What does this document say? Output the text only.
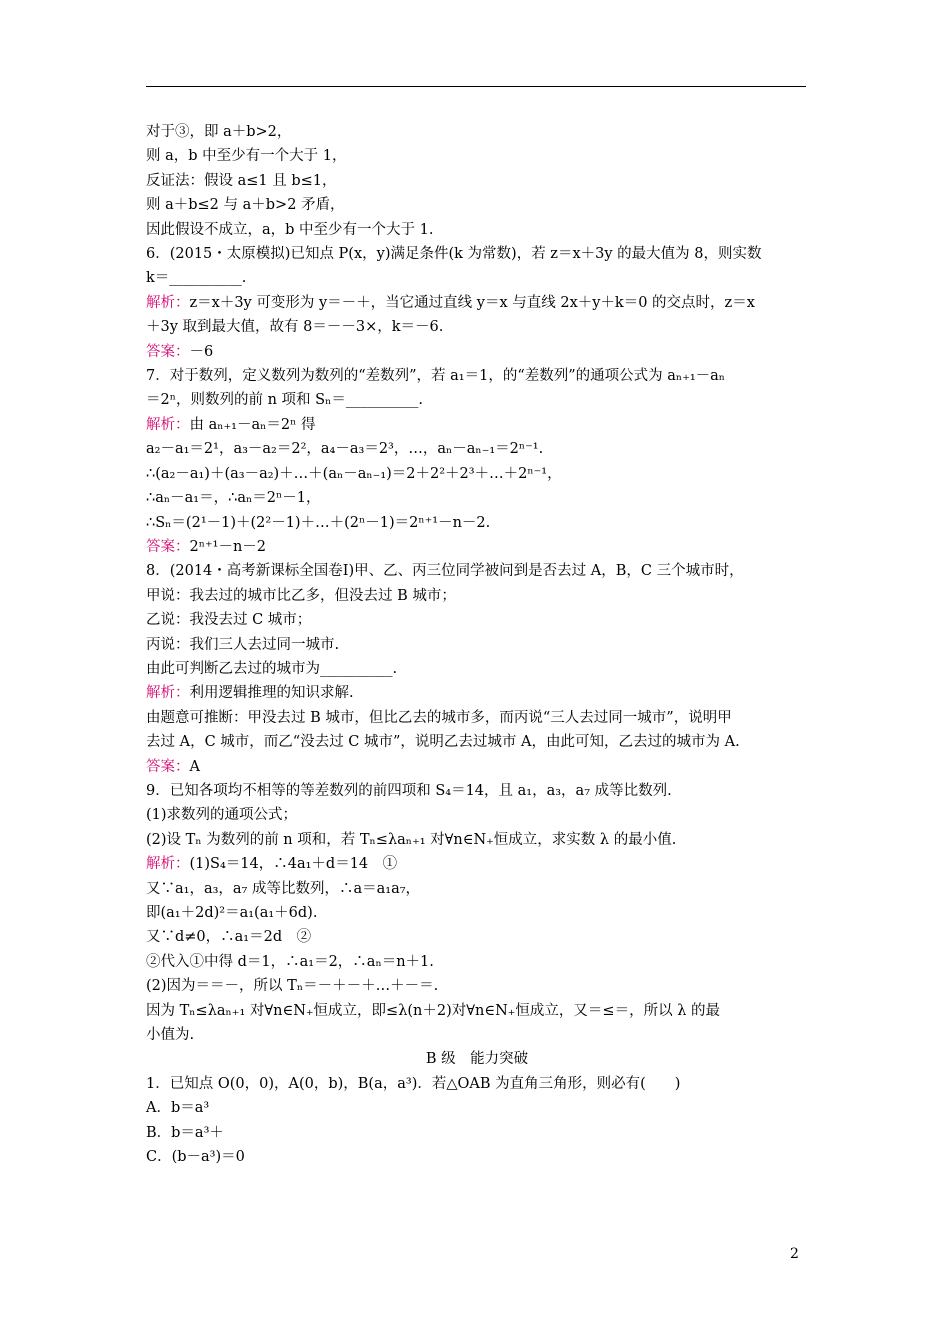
对于③，即 a＋b>2，
则 a，b 中至少有一个大于 1，
反证法：假设 a≤1 且 b≤1，
则 a＋b≤2 与 a＋b>2 矛盾，
因此假设不成立，a，b 中至少有一个大于 1.
6．(2015・太原模拟)已知点 P(x，y)满足条件(k 为常数)，若 z＝x＋3y 的最大值为 8，则实数
k＝__________.
解析：z＝x＋3y 可变形为 y＝－＋，当它通过直线 y＝x 与直线 2x＋y＋k＝0 的交点时，z＝x
＋3y 取到最大值，故有 8＝－－3×，k＝－6.
答案：－6
7．对于数列，定义数列为数列的“差数列”，若 a₁＝1，的“差数列”的通项公式为 aₙ₊₁－aₙ
＝2ⁿ，则数列的前 n 项和 Sₙ＝__________.
解析：由 aₙ₊₁－aₙ＝2ⁿ 得
a₂－a₁＝2¹，a₃－a₂＝2²，a₄－a₃＝2³，…，aₙ－aₙ₋₁＝2ⁿ⁻¹.
∴(a₂－a₁)＋(a₃－a₂)＋…＋(aₙ－aₙ₋₁)＝2＋2²＋2³＋…＋2ⁿ⁻¹，
∴aₙ－a₁＝，∴aₙ＝2ⁿ－1，
∴Sₙ＝(2¹－1)＋(2²－1)＋…＋(2ⁿ－1)＝2ⁿ⁺¹－n－2.
答案：2ⁿ⁺¹－n－2
8．(2014・高考新课标全国卷Ⅰ)甲、乙、丙三位同学被问到是否去过 A，B，C 三个城市时，
甲说：我去过的城市比乙多，但没去过 B 城市；
乙说：我没去过 C 城市；
丙说：我们三人去过同一城市.
由此可判断乙去过的城市为__________.
解析：利用逻辑推理的知识求解.
由题意可推断：甲没去过 B 城市，但比乙去的城市多，而丙说“三人去过同一城市”，说明甲
去过 A，C 城市，而乙“没去过 C 城市”，说明乙去过城市 A，由此可知，乙去过的城市为 A.
答案：A
9．已知各项均不相等的等差数列的前四项和 S₄＝14，且 a₁，a₃，a₇ 成等比数列.
(1)求数列的通项公式；
(2)设 Tₙ 为数列的前 n 项和，若 Tₙ≤λaₙ₊₁ 对∀n∈N₊恒成立，求实数 λ 的最小值.
解析：(1)S₄＝14，∴4a₁＋d＝14　①
又∵a₁，a₃，a₇ 成等比数列，∴a＝a₁a₇，
即(a₁＋2d)²＝a₁(a₁＋6d).
又∵d≠0，∴a₁＝2d　②
②代入①中得 d＝1，∴a₁＝2，∴aₙ＝n＋1.
(2)因为＝＝－，所以 Tₙ＝－＋－＋…＋－＝.
因为 Tₙ≤λaₙ₊₁ 对∀n∈N₊恒成立，即≤λ(n＋2)对∀n∈N₊恒成立，又＝≤＝，所以 λ 的最
小值为.
B 级　能力突破
1．已知点 O(0，0)，A(0，b)，B(a，a³)．若△OAB 为直角三角形，则必有(　　)
A．b＝a³
B．b＝a³＋
C．(b－a³)＝0
2
